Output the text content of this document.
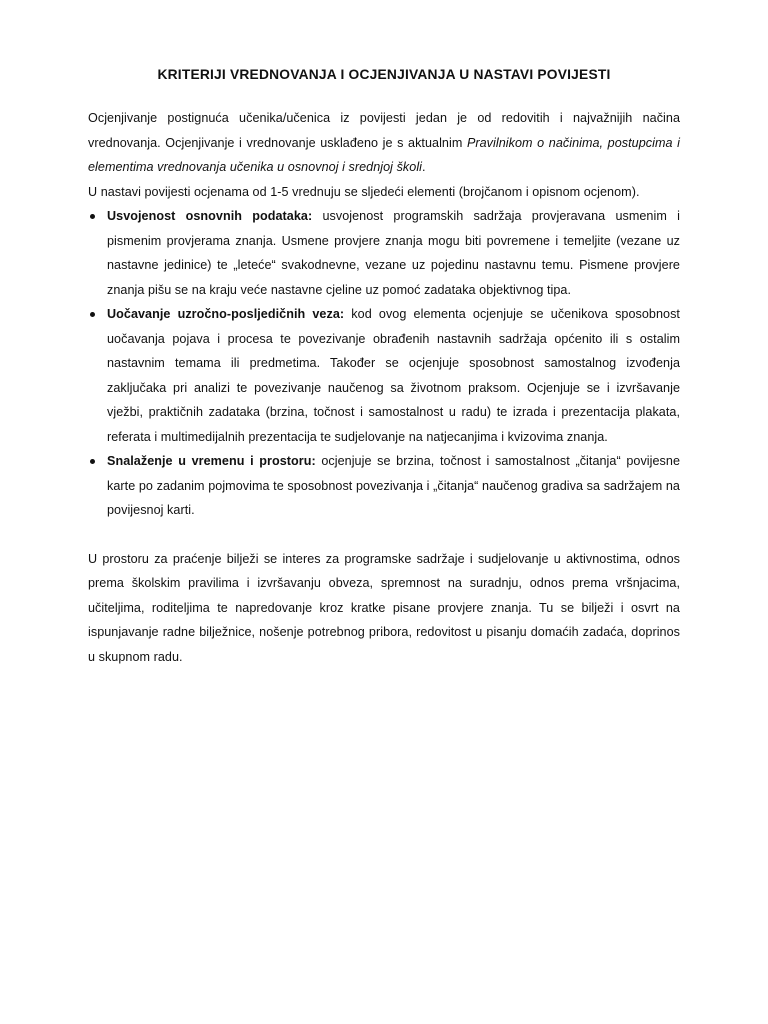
KRITERIJI VREDNOVANJA I OCJENJIVANJA U NASTAVI POVIJESTI

Ocjenjivanje postignuća učenika/učenica iz povijesti jedan je od redovitih i najvažnijih načina vrednovanja. Ocjenjivanje i vrednovanje usklađeno je s aktualnim Pravilnikom o načinima, postupcima i elementima vrednovanja učenika u osnovnoj i srednjoj školi.

U nastavi povijesti ocjenama od 1-5 vrednuju se sljedeći elementi (brojčanom i opisnom ocjenom).

Usvojenost osnovnih podataka: usvojenost programskih sadržaja provjeravana usmenim i pismenim provjerama znanja. Usmene provjere znanja mogu biti povremene i temeljite (vezane uz nastavne jedinice) te „leteće“ svakodnevne, vezane uz pojedinu nastavnu temu. Pismene provjere znanja pišu se na kraju veće nastavne cjeline uz pomoć zadataka objektivnog tipa.
Uočavanje uzročno-posljedičnih veza: kod ovog elementa ocjenjuje se učenikova sposobnost uočavanja pojava i procesa te povezivanje obrađenih nastavnih sadržaja općenito ili s ostalim nastavnim temama ili predmetima. Također se ocjenjuje sposobnost samostalnog izvođenja zaključaka pri analizi te povezivanje naučenog sa životnom praksom. Ocjenjuje se i izvršavanje vježbi, praktičnih zadataka (brzina, točnost i samostalnost u radu) te izrada i prezentacija plakata, referata i multimedijalnih prezentacija te sudjelovanje na natjecanjima i kvizovima znanja.
Snalaženje u vremenu i prostoru: ocjenjuje se brzina, točnost i samostalnost „čitanja“ povijesne karte po zadanim pojmovima te sposobnost povezivanja i „čitanja“ naučenog gradiva sa sadržajem na povijesnoj karti.

U prostoru za praćenje bilježi se interes za programske sadržaje i sudjelovanje u aktivnostima, odnos prema školskim pravilima i izvršavanju obveza, spremnost na suradnju, odnos prema vršnjacima, učiteljima, roditeljima te napredovanje kroz kratke pisane provjere znanja. Tu se bilježi i osvrt na ispunjavanje radne bilježnice, nošenje potrebnog pribora, redovitost u pisanju domaćih zadaća, doprinos u skupnom radu.
